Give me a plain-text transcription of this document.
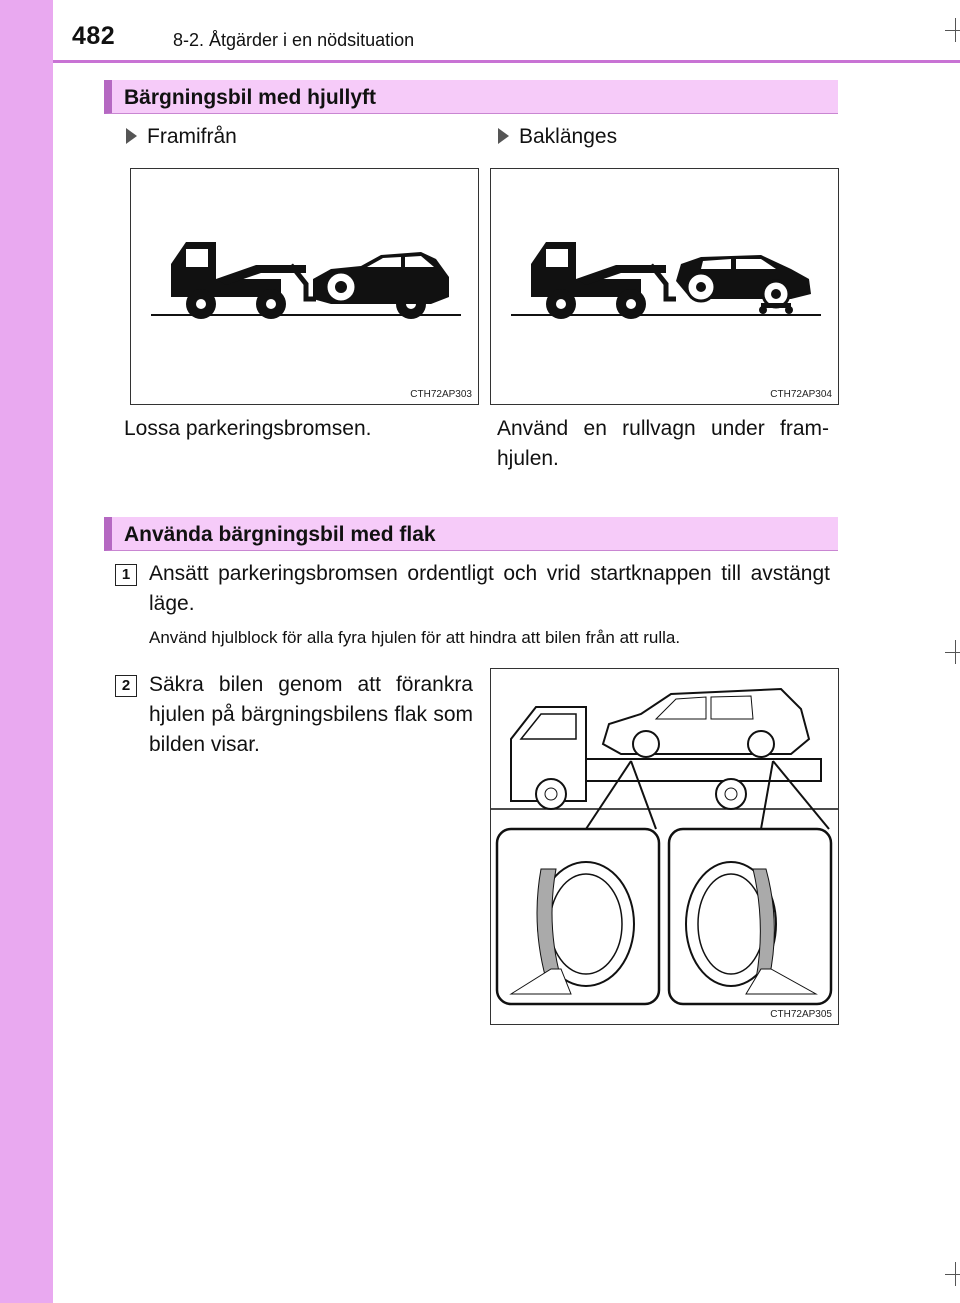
482	8-2. Åtgärder i en nödsituation
Bärgningsbil med hjullyft
Framifrån	Baklänges
CTH72AP303	CTH72AP304
Lossa parkeringsbromsen.	Använd en rullvagn under fram-hjulen.
Använda bärgningsbil med flak
1 Ansätt parkeringsbromsen ordentligt och vrid startknappen till avstängt läge.
Använd hjulblock för alla fyra hjulen för att hindra att bilen från att rulla.
2 Säkra bilen genom att förankra hjulen på bärgningsbilens flak som bilden visar.
CTH72AP305
